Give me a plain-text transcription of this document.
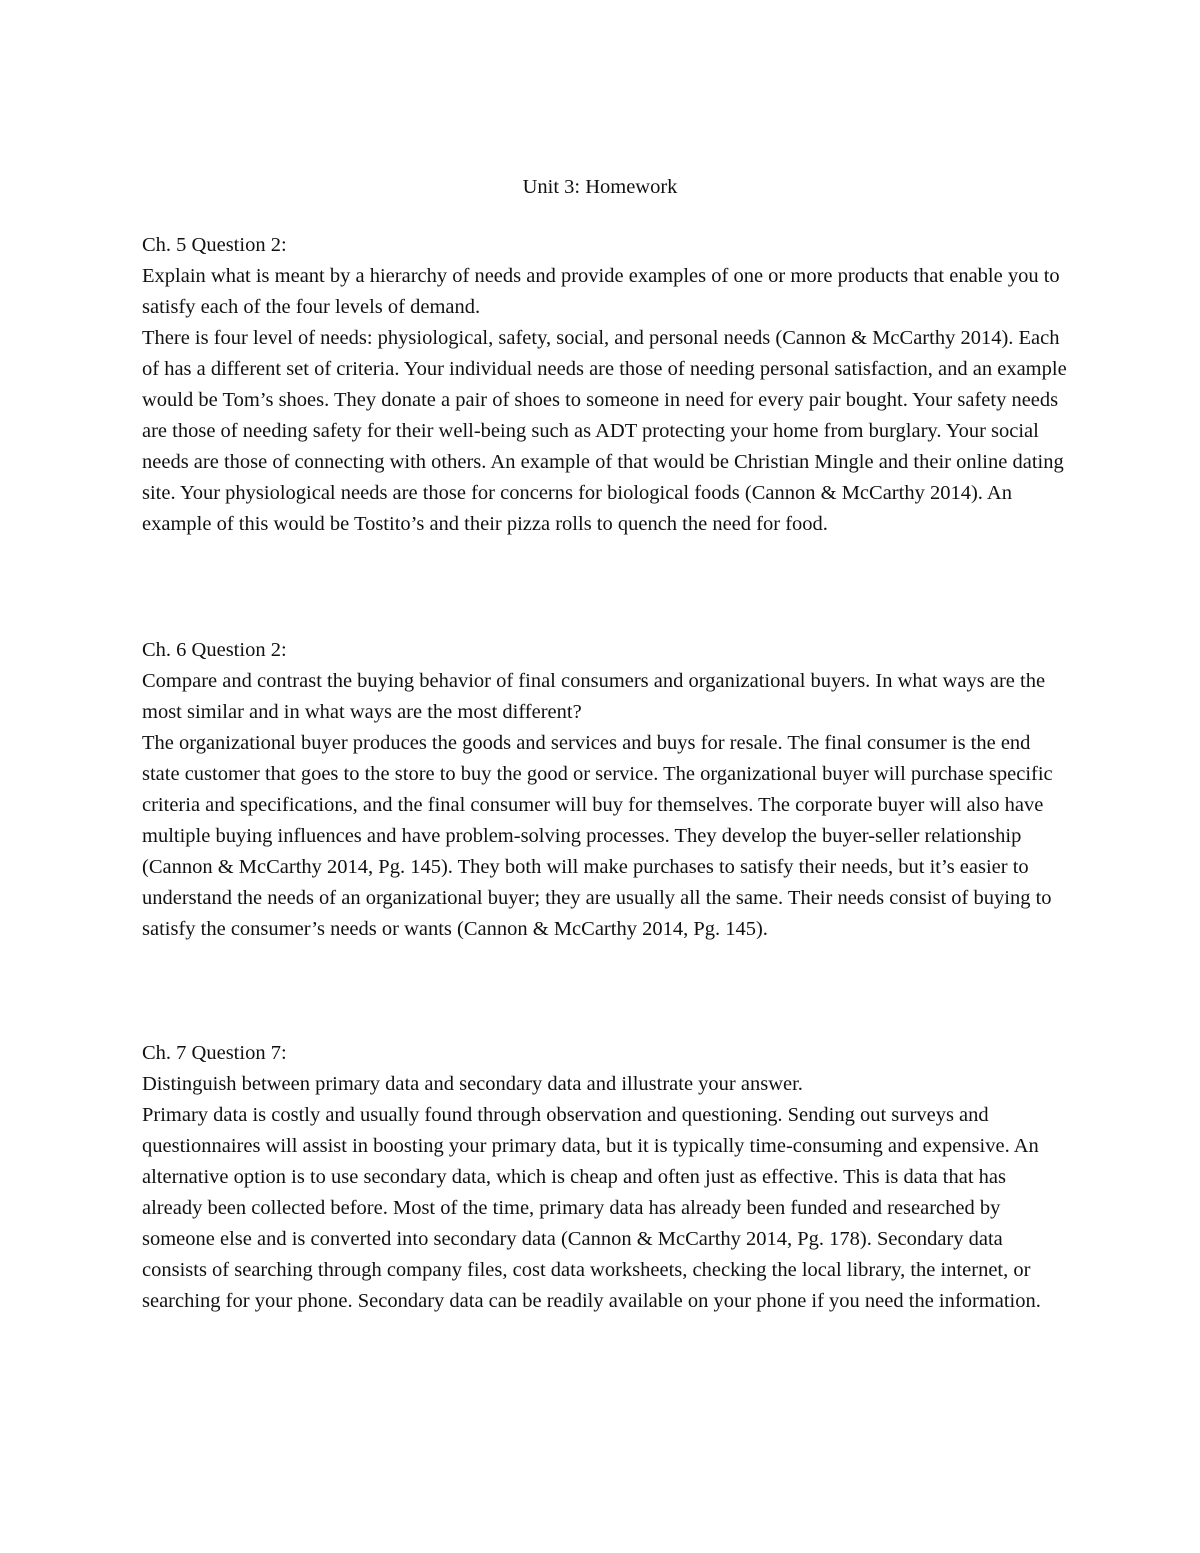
Unit 3: Homework

Ch. 5 Question 2:

Explain what is meant by a hierarchy of needs and provide examples of one or more products that enable you to satisfy each of the four levels of demand.

There is four level of needs: physiological, safety, social, and personal needs (Cannon & McCarthy 2014). Each of has a different set of criteria. Your individual needs are those of needing personal satisfaction, and an example would be Tom’s shoes. They donate a pair of shoes to someone in need for every pair bought. Your safety needs are those of needing safety for their well-being such as ADT protecting your home from burglary. Your social needs are those of connecting with others. An example of that would be Christian Mingle and their online dating site. Your physiological needs are those for concerns for biological foods (Cannon & McCarthy 2014). An example of this would be Tostito’s and their pizza rolls to quench the need for food.

Ch. 6 Question 2:

Compare and contrast the buying behavior of final consumers and organizational buyers. In what ways are the most similar and in what ways are the most different?

The organizational buyer produces the goods and services and buys for resale. The final consumer is the end state customer that goes to the store to buy the good or service. The organizational buyer will purchase specific criteria and specifications, and the final consumer will buy for themselves. The corporate buyer will also have multiple buying influences and have problem-solving processes. They develop the buyer-seller relationship (Cannon & McCarthy 2014, Pg. 145). They both will make purchases to satisfy their needs, but it’s easier to understand the needs of an organizational buyer; they are usually all the same. Their needs consist of buying to satisfy the consumer’s needs or wants (Cannon & McCarthy 2014, Pg. 145).

Ch. 7 Question 7:

Distinguish between primary data and secondary data and illustrate your answer.

Primary data is costly and usually found through observation and questioning. Sending out surveys and questionnaires will assist in boosting your primary data, but it is typically time-consuming and expensive. An alternative option is to use secondary data, which is cheap and often just as effective. This is data that has already been collected before. Most of the time, primary data has already been funded and researched by someone else and is converted into secondary data (Cannon & McCarthy 2014, Pg. 178). Secondary data consists of searching through company files, cost data worksheets, checking the local library, the internet, or searching for your phone. Secondary data can be readily available on your phone if you need the information.
